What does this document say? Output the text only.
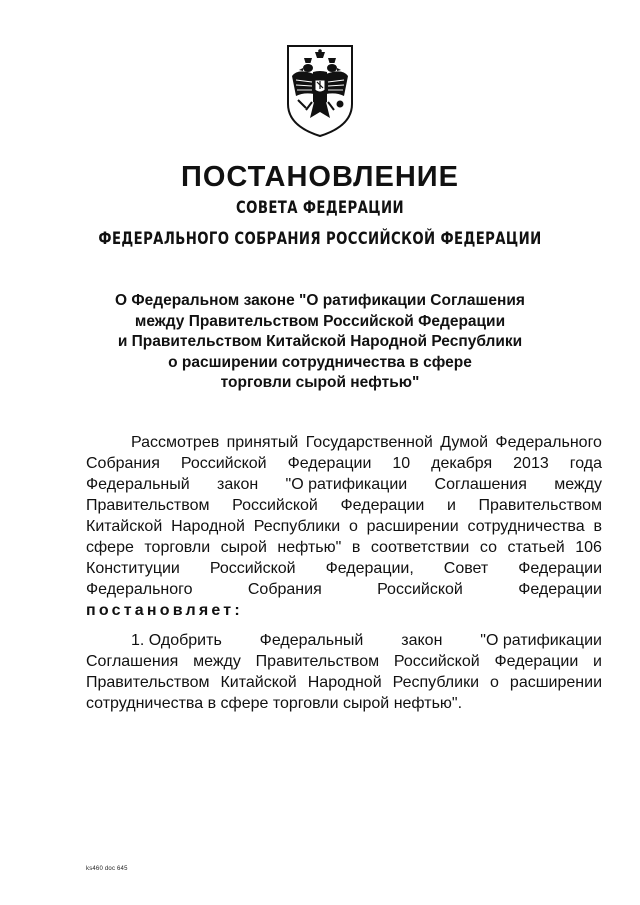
ПОСТАНОВЛЕНИЕ
СОВЕТА ФЕДЕРАЦИИ
ФЕДЕРАЛЬНОГО СОБРАНИЯ РОССИЙСКОЙ ФЕДЕРАЦИИ
О Федеральном законе "О ратификации Соглашения
между Правительством Российской Федерации
и Правительством Китайской Народной Республики
о расширении сотрудничества в сфере
торговли сырой нефтью"
Рассмотрев принятый Государственной Думой Федерального
Собрания Российской Федерации 10 декабря 2013 года
Федеральный закон "О ратификации Соглашения между
Правительством Российской Федерации и Правительством
Китайской Народной Республики о расширении сотрудничества в
сфере торговли сырой нефтью" в соответствии со статьей 106
Конституции Российской Федерации, Совет Федерации
Федерального	Собрания	Российской	Федерации
постановляет:
1. Одобрить Федеральный закон "О ратификации
Соглашения между Правительством Российской Федерации и
Правительством Китайской Народной Республики о расширении
сотрудничества в сфере торговли сырой нефтью".
ks460 doc 645
